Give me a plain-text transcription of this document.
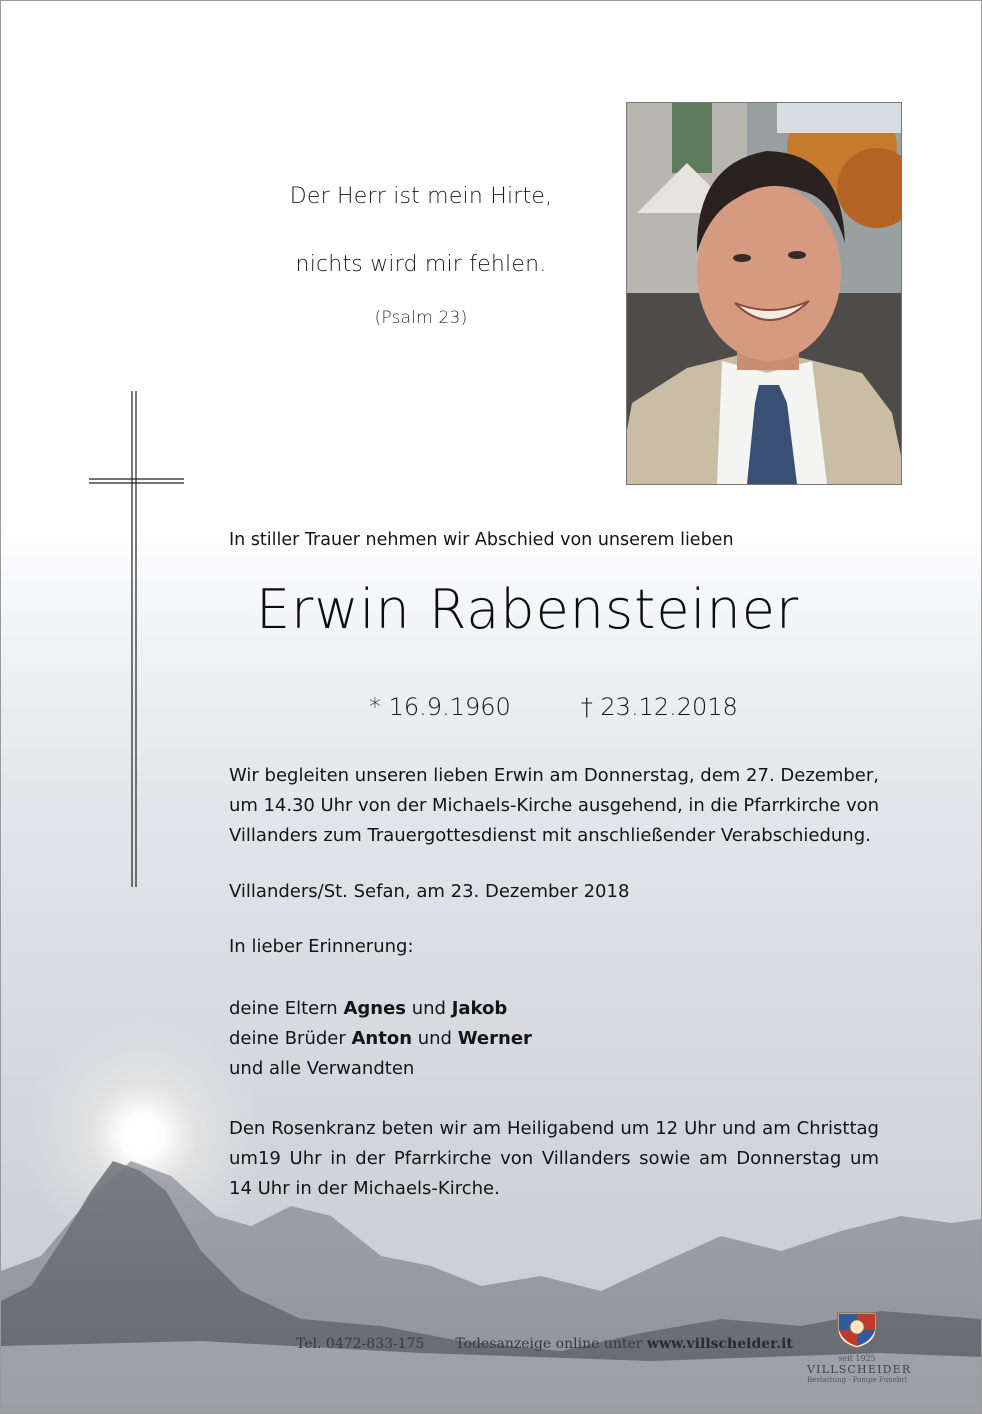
Der Herr ist mein Hirte,
nichts wird mir fehlen.
(Psalm 23)
In stiller Trauer nehmen wir Abschied von unserem lieben
Erwin Rabensteiner
* 16.9.1960	† 23.12.2018
Wir begleiten unseren lieben Erwin am Donnerstag, dem 27. Dezember,
um 14.30 Uhr von der Michaels-Kirche ausgehend, in die Pfarrkirche von
Villanders zum Trauergottesdienst mit anschließender Verabschiedung.
Villanders/St. Sefan, am 23. Dezember 2018
In lieber Erinnerung:
deine Eltern Agnes und Jakob
deine Brüder Anton und Werner
und alle Verwandten
Den Rosenkranz beten wir am Heiligabend um 12 Uhr und am Christtag
um19 Uhr in der Pfarrkirche von Villanders sowie am Donnerstag um
14 Uhr in der Michaels-Kirche.
Tel. 0472-833-175 Todesanzeige online unter www.villscheider.it
seit 1925
VILLSCHEIDER
Bestattung · Pompe Funebri
